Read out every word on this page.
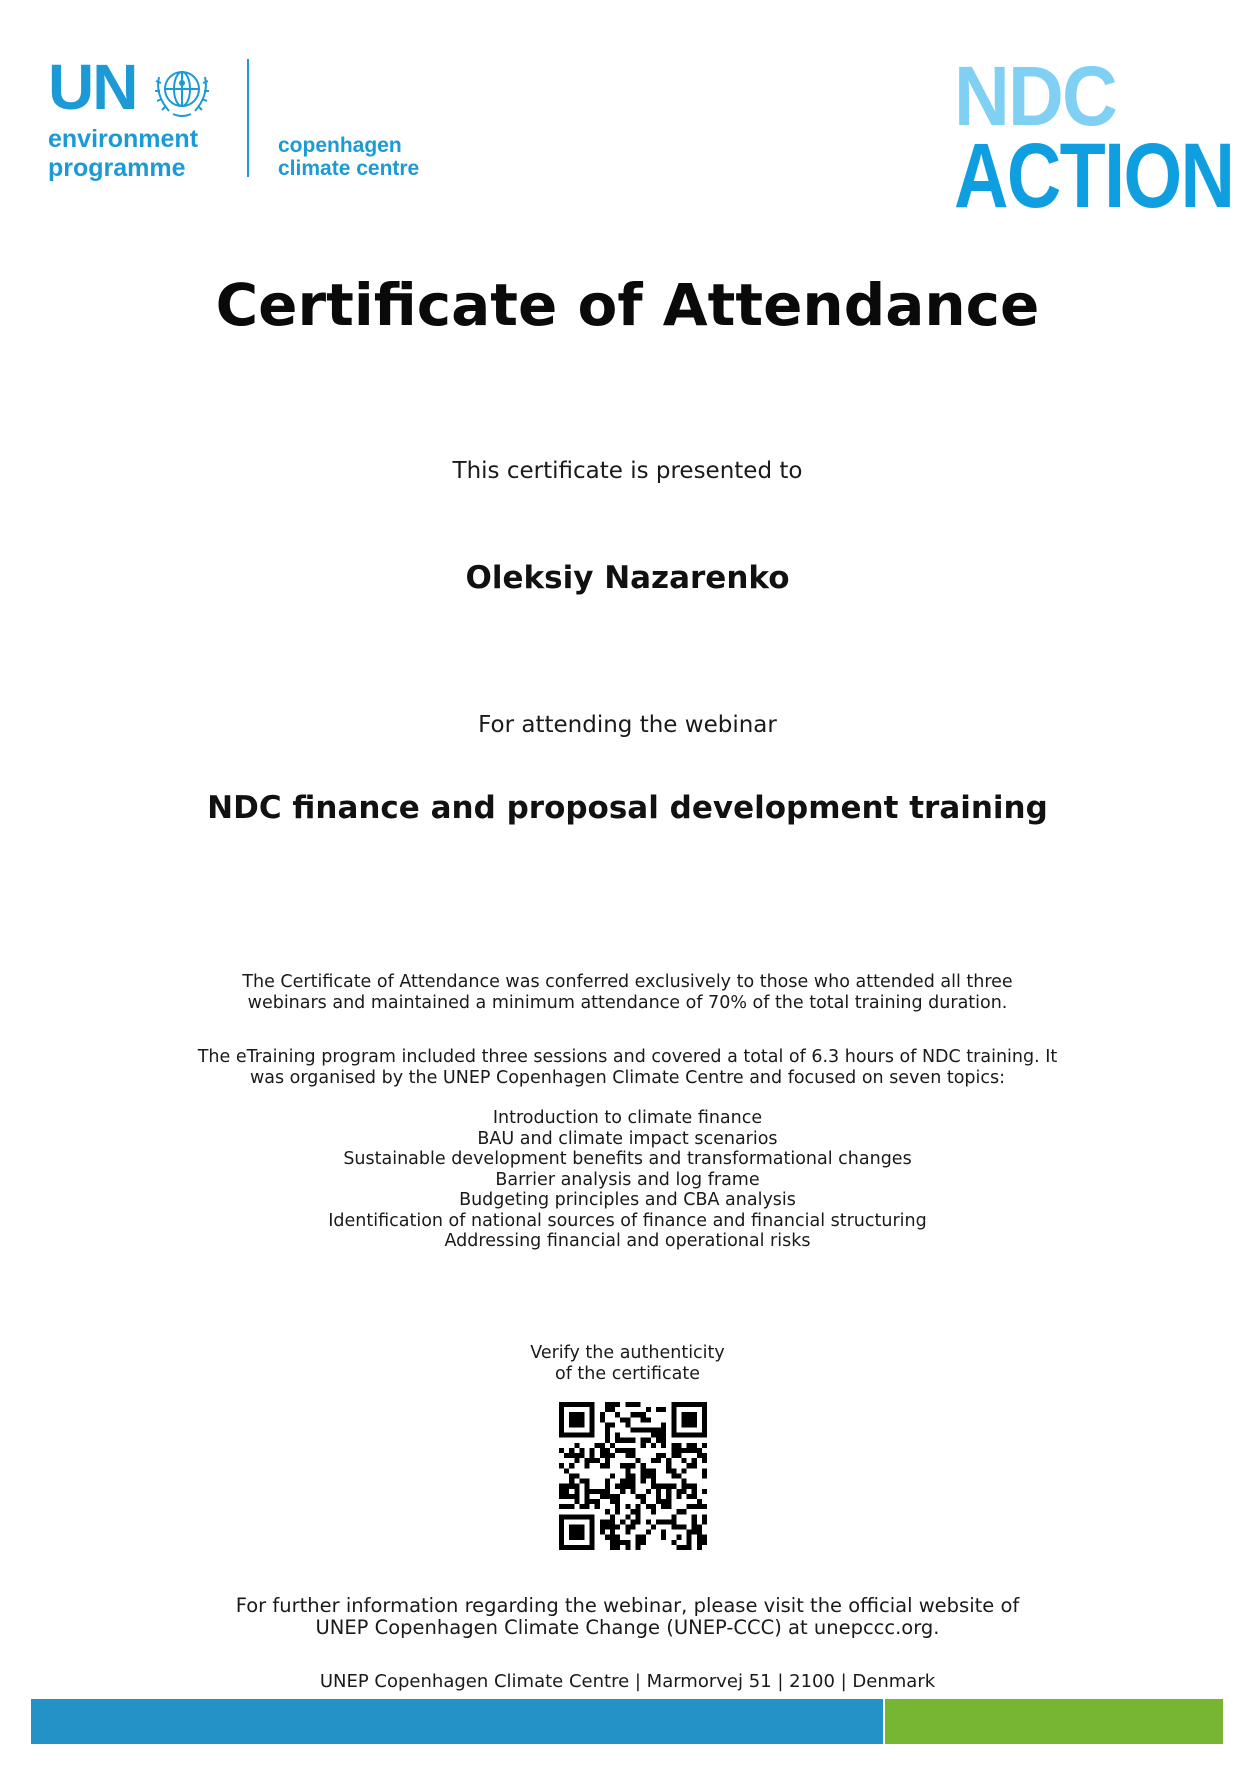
UN
environment
programme
copenhagen
climate centre
NDC
ACTION
Certificate of Attendance
This certificate is presented to
Oleksiy Nazarenko
For attending the webinar
NDC finance and proposal development training
The Certificate of Attendance was conferred exclusively to those who attended all three
webinars and maintained a minimum attendance of 70% of the total training duration.
The eTraining program included three sessions and covered a total of 6.3 hours of NDC training. It
was organised by the UNEP Copenhagen Climate Centre and focused on seven topics:
Introduction to climate finance
BAU and climate impact scenarios
Sustainable development benefits and transformational changes
Barrier analysis and log frame
Budgeting principles and CBA analysis
Identification of national sources of finance and financial structuring
Addressing financial and operational risks
Verify the authenticity
of the certificate
For further information regarding the webinar, please visit the official website of
UNEP Copenhagen Climate Change (UNEP-CCC) at unepccc.org.
UNEP Copenhagen Climate Centre | Marmorvej 51 | 2100 | Denmark
